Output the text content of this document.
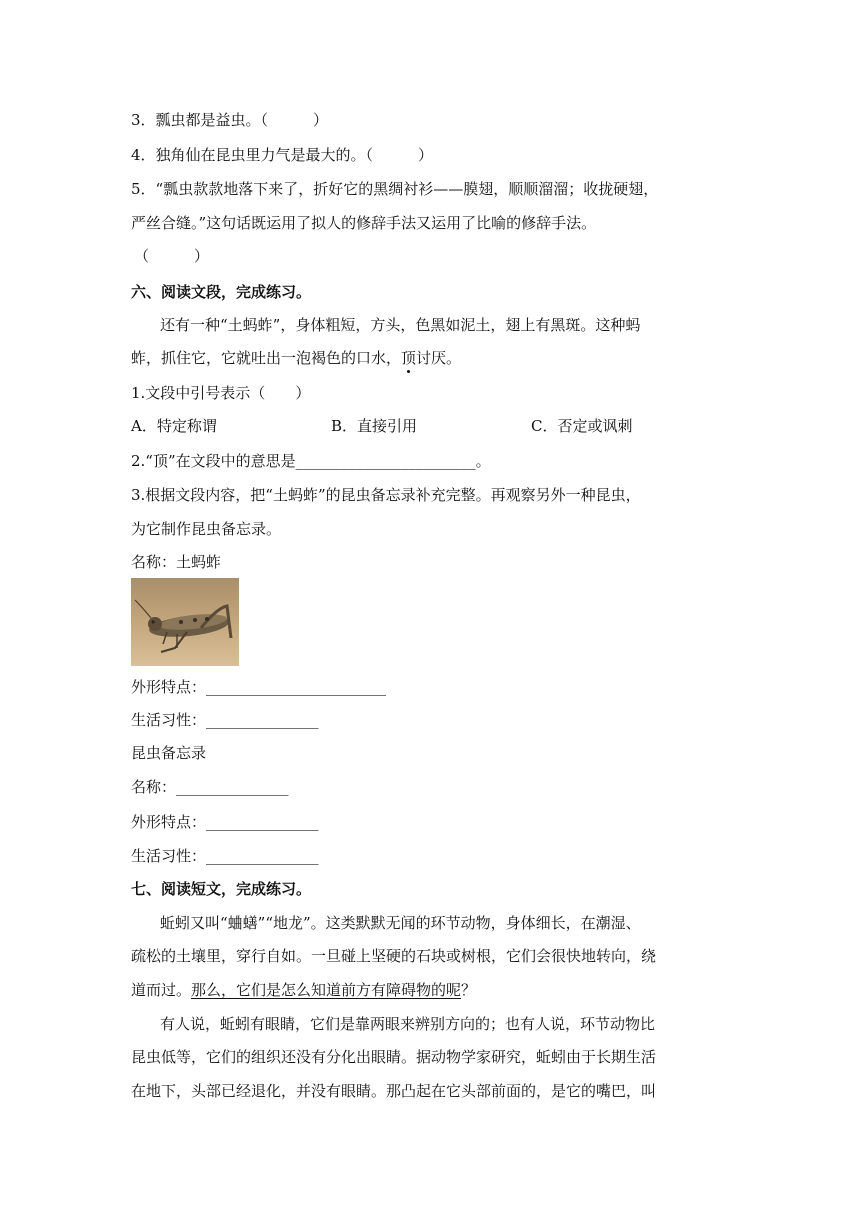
3．瓢虫都是益虫。（　　　）
4．独角仙在昆虫里力气是最大的。（　　　）
5．“瓢虫款款地落下来了，折好它的黑绸衬衫——膜翅，顺顺溜溜；收拢硬翅，
严丝合缝。”这句话既运用了拟人的修辞手法又运用了比喻的修辞手法。
（　　　）
六、阅读文段，完成练习。
还有一种“土蚂蚱”，身体粗短，方头，色黑如泥土，翅上有黑斑。这种蚂
蚱，抓住它，它就吐出一泡褐色的口水，顶讨厌。
1.文段中引号表示（　　）
A．特定称谓	B．直接引用	C．否定或讽刺
2.“顶”在文段中的意思是________________________。
3.根据文段内容，把“土蚂蚱”的昆虫备忘录补充完整。再观察另外一种昆虫，
为它制作昆虫备忘录。
名称：土蚂蚱
外形特点：________________________
生活习性：_______________
昆虫备忘录
名称：_______________
外形特点：_______________
生活习性：_______________
七、阅读短文，完成练习。
蚯蚓又叫“蛐蟮”“地龙”。这类默默无闻的环节动物，身体细长，在潮湿、
疏松的土壤里，穿行自如。一旦碰上坚硬的石块或树根，它们会很快地转向，绕
道而过。那么，它们是怎么知道前方有障碍物的呢？
有人说，蚯蚓有眼睛，它们是靠两眼来辨别方向的；也有人说，环节动物比
昆虫低等，它们的组织还没有分化出眼睛。据动物学家研究，蚯蚓由于长期生活
在地下，头部已经退化，并没有眼睛。那凸起在它头部前面的，是它的嘴巴，叫
